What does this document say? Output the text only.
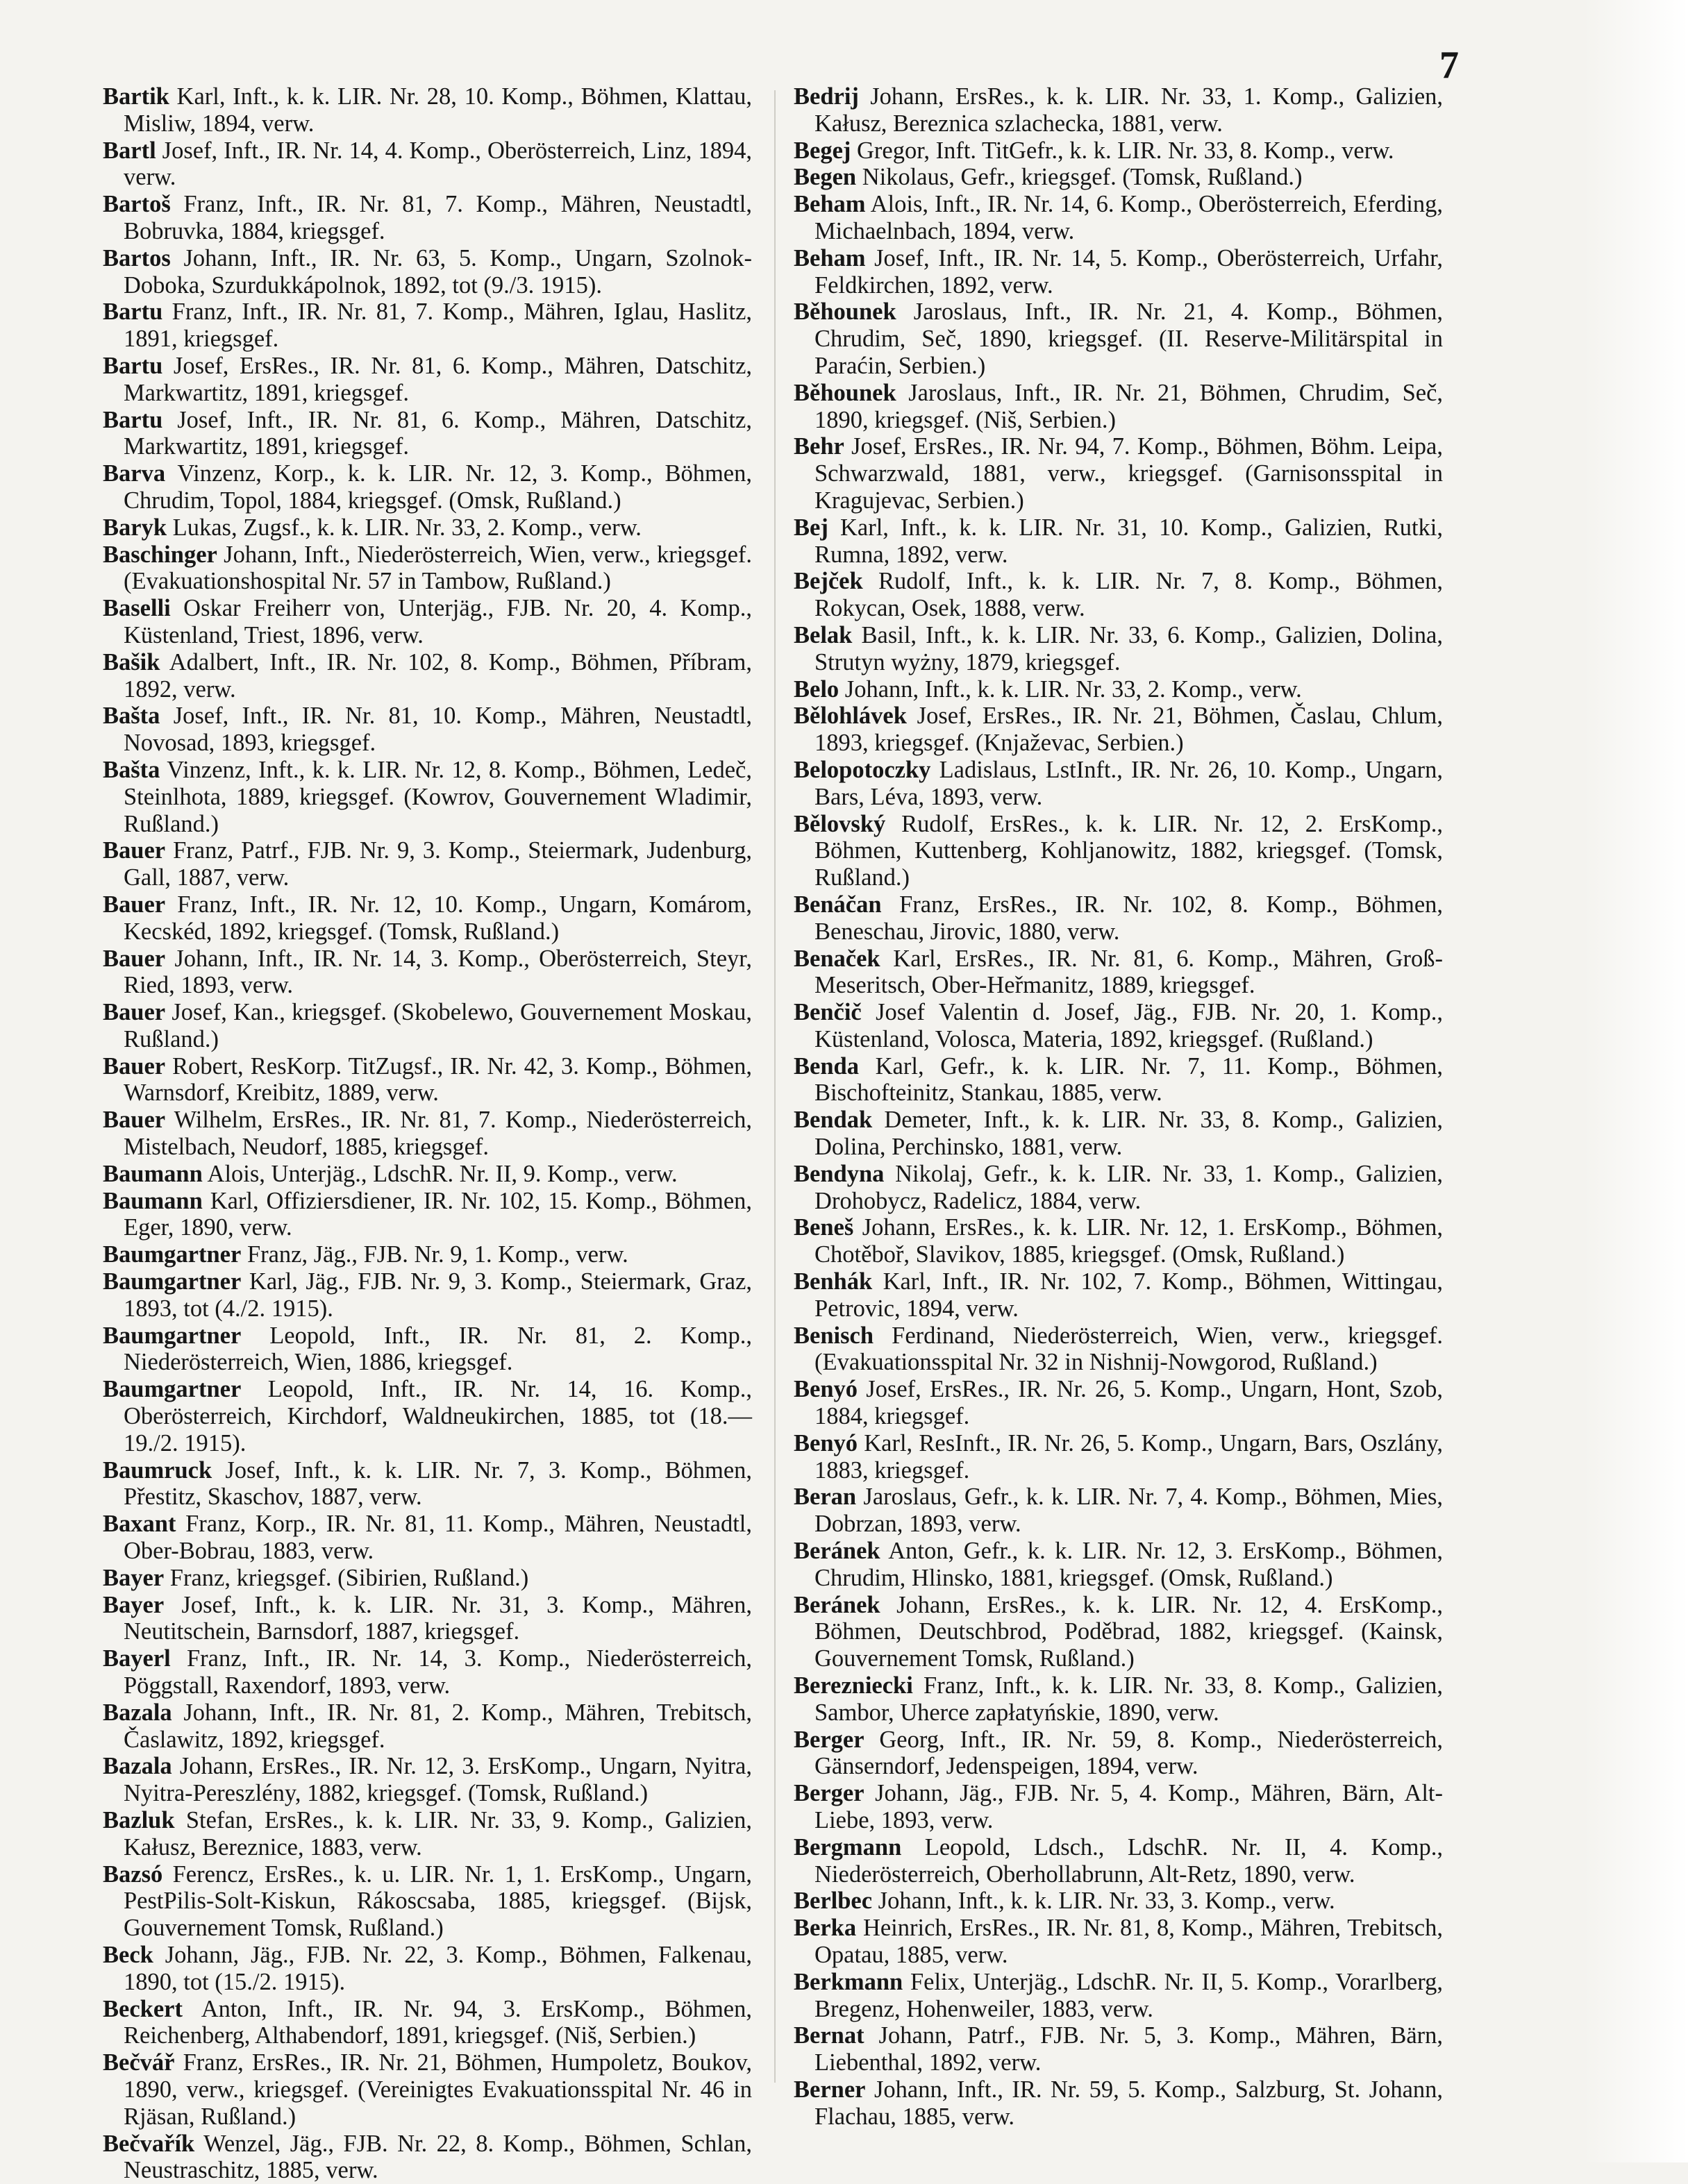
7

Bartik Karl, Inft., k. k. LIR. Nr. 28, 10. Komp., Böhmen, Klattau, Misliw, 1894, verw.

Bartl Josef, Inft., IR. Nr. 14, 4. Komp., Oberösterreich, Linz, 1894, verw.

Bartoš Franz, Inft., IR. Nr. 81, 7. Komp., Mähren, Neustadtl, Bobruvka, 1884, kriegsgef.

Bartos Johann, Inft., IR. Nr. 63, 5. Komp., Ungarn, Szolnok-Doboka, Szurdukkápolnok, 1892, tot (9./3. 1915).

Bartu Franz, Inft., IR. Nr. 81, 7. Komp., Mähren, Iglau, Haslitz, 1891, kriegsgef.

Bartu Josef, ErsRes., IR. Nr. 81, 6. Komp., Mähren, Datschitz, Markwartitz, 1891, kriegsgef.

Bartu Josef, Inft., IR. Nr. 81, 6. Komp., Mähren, Datschitz, Markwartitz, 1891, kriegsgef.

Barva Vinzenz, Korp., k. k. LIR. Nr. 12, 3. Komp., Böhmen, Chrudim, Topol, 1884, kriegsgef. (Omsk, Rußland.)

Baryk Lukas, Zugsf., k. k. LIR. Nr. 33, 2. Komp., verw.

Baschinger Johann, Inft., Niederösterreich, Wien, verw., kriegsgef. (Evakuationshospital Nr. 57 in Tambow, Rußland.)

Baselli Oskar Freiherr von, Unterjäg., FJB. Nr. 20, 4. Komp., Küstenland, Triest, 1896, verw.

Bašik Adalbert, Inft., IR. Nr. 102, 8. Komp., Böhmen, Příbram, 1892, verw.

Bašta Josef, Inft., IR. Nr. 81, 10. Komp., Mähren, Neustadtl, Novosad, 1893, kriegsgef.

Bašta Vinzenz, Inft., k. k. LIR. Nr. 12, 8. Komp., Böhmen, Ledeč, Steinlhota, 1889, kriegsgef. (Kowrov, Gouvernement Wladimir, Rußland.)

Bauer Franz, Patrf., FJB. Nr. 9, 3. Komp., Steiermark, Judenburg, Gall, 1887, verw.

Bauer Franz, Inft., IR. Nr. 12, 10. Komp., Ungarn, Komárom, Kecskéd, 1892, kriegsgef. (Tomsk, Rußland.)

Bauer Johann, Inft., IR. Nr. 14, 3. Komp., Oberösterreich, Steyr, Ried, 1893, verw.

Bauer Josef, Kan., kriegsgef. (Skobelewo, Gouvernement Moskau, Rußland.)

Bauer Robert, ResKorp. TitZugsf., IR. Nr. 42, 3. Komp., Böhmen, Warnsdorf, Kreibitz, 1889, verw.

Bauer Wilhelm, ErsRes., IR. Nr. 81, 7. Komp., Niederösterreich, Mistelbach, Neudorf, 1885, kriegsgef.

Baumann Alois, Unterjäg., LdschR. Nr. II, 9. Komp., verw.

Baumann Karl, Offiziersdiener, IR. Nr. 102, 15. Komp., Böhmen, Eger, 1890, verw.

Baumgartner Franz, Jäg., FJB. Nr. 9, 1. Komp., verw.

Baumgartner Karl, Jäg., FJB. Nr. 9, 3. Komp., Steiermark, Graz, 1893, tot (4./2. 1915).

Baumgartner Leopold, Inft., IR. Nr. 81, 2. Komp., Niederösterreich, Wien, 1886, kriegsgef.

Baumgartner Leopold, Inft., IR. Nr. 14, 16. Komp., Oberösterreich, Kirchdorf, Waldneukirchen, 1885, tot (18.—19./2. 1915).

Baumruck Josef, Inft., k. k. LIR. Nr. 7, 3. Komp., Böhmen, Přestitz, Skaschov, 1887, verw.

Baxant Franz, Korp., IR. Nr. 81, 11. Komp., Mähren, Neustadtl, Ober-Bobrau, 1883, verw.

Bayer Franz, kriegsgef. (Sibirien, Rußland.)

Bayer Josef, Inft., k. k. LIR. Nr. 31, 3. Komp., Mähren, Neutitschein, Barnsdorf, 1887, kriegsgef.

Bayerl Franz, Inft., IR. Nr. 14, 3. Komp., Niederösterreich, Pöggstall, Raxendorf, 1893, verw.

Bazala Johann, Inft., IR. Nr. 81, 2. Komp., Mähren, Trebitsch, Časlawitz, 1892, kriegsgef.

Bazala Johann, ErsRes., IR. Nr. 12, 3. ErsKomp., Ungarn, Nyitra, Nyitra-Pereszlény, 1882, kriegsgef. (Tomsk, Rußland.)

Bazluk Stefan, ErsRes., k. k. LIR. Nr. 33, 9. Komp., Galizien, Kałusz, Bereznice, 1883, verw.

Bazsó Ferencz, ErsRes., k. u. LIR. Nr. 1, 1. ErsKomp., Ungarn, PestPilis-Solt-Kiskun, Rákoscsaba, 1885, kriegsgef. (Bijsk, Gouvernement Tomsk, Rußland.)

Beck Johann, Jäg., FJB. Nr. 22, 3. Komp., Böhmen, Falkenau, 1890, tot (15./2. 1915).

Beckert Anton, Inft., IR. Nr. 94, 3. ErsKomp., Böhmen, Reichenberg, Althabendorf, 1891, kriegsgef. (Niš, Serbien.)

Bečvář Franz, ErsRes., IR. Nr. 21, Böhmen, Humpoletz, Boukov, 1890, verw., kriegsgef. (Vereinigtes Evakuationsspital Nr. 46 in Rjäsan, Rußland.)

Bečvařík Wenzel, Jäg., FJB. Nr. 22, 8. Komp., Böhmen, Schlan, Neustraschitz, 1885, verw.

Bedrij Johann, ErsRes., k. k. LIR. Nr. 33, 1. Komp., Galizien, Kałusz, Bereznica szlachecka, 1881, verw.

Begej Gregor, Inft. TitGefr., k. k. LIR. Nr. 33, 8. Komp., verw.

Begen Nikolaus, Gefr., kriegsgef. (Tomsk, Rußland.)

Beham Alois, Inft., IR. Nr. 14, 6. Komp., Oberösterreich, Eferding, Michaelnbach, 1894, verw.

Beham Josef, Inft., IR. Nr. 14, 5. Komp., Oberösterreich, Urfahr, Feldkirchen, 1892, verw.

Běhounek Jaroslaus, Inft., IR. Nr. 21, 4. Komp., Böhmen, Chrudim, Seč, 1890, kriegsgef. (II. Reserve-Militärspital in Paraćin, Serbien.)

Běhounek Jaroslaus, Inft., IR. Nr. 21, Böhmen, Chrudim, Seč, 1890, kriegsgef. (Niš, Serbien.)

Behr Josef, ErsRes., IR. Nr. 94, 7. Komp., Böhmen, Böhm. Leipa, Schwarzwald, 1881, verw., kriegsgef. (Garnisonsspital in Kragujevac, Serbien.)

Bej Karl, Inft., k. k. LIR. Nr. 31, 10. Komp., Galizien, Rutki, Rumna, 1892, verw.

Bejček Rudolf, Inft., k. k. LIR. Nr. 7, 8. Komp., Böhmen, Rokycan, Osek, 1888, verw.

Belak Basil, Inft., k. k. LIR. Nr. 33, 6. Komp., Galizien, Dolina, Strutyn wyżny, 1879, kriegsgef.

Belo Johann, Inft., k. k. LIR. Nr. 33, 2. Komp., verw.

Bělohlávek Josef, ErsRes., IR. Nr. 21, Böhmen, Časlau, Chlum, 1893, kriegsgef. (Knjaževac, Serbien.)

Belopotoczky Ladislaus, LstInft., IR. Nr. 26, 10. Komp., Ungarn, Bars, Léva, 1893, verw.

Bělovský Rudolf, ErsRes., k. k. LIR. Nr. 12, 2. ErsKomp., Böhmen, Kuttenberg, Kohljanowitz, 1882, kriegsgef. (Tomsk, Rußland.)

Benáčan Franz, ErsRes., IR. Nr. 102, 8. Komp., Böhmen, Beneschau, Jirovic, 1880, verw.

Benaček Karl, ErsRes., IR. Nr. 81, 6. Komp., Mähren, Groß-Meseritsch, Ober-Heřmanitz, 1889, kriegsgef.

Benčič Josef Valentin d. Josef, Jäg., FJB. Nr. 20, 1. Komp., Küstenland, Volosca, Materia, 1892, kriegsgef. (Rußland.)

Benda Karl, Gefr., k. k. LIR. Nr. 7, 11. Komp., Böhmen, Bischofteinitz, Stankau, 1885, verw.

Bendak Demeter, Inft., k. k. LIR. Nr. 33, 8. Komp., Galizien, Dolina, Perchinsko, 1881, verw.

Bendyna Nikolaj, Gefr., k. k. LIR. Nr. 33, 1. Komp., Galizien, Drohobycz, Radelicz, 1884, verw.

Beneš Johann, ErsRes., k. k. LIR. Nr. 12, 1. ErsKomp., Böhmen, Chotěboř, Slavikov, 1885, kriegsgef. (Omsk, Rußland.)

Benhák Karl, Inft., IR. Nr. 102, 7. Komp., Böhmen, Wittingau, Petrovic, 1894, verw.

Benisch Ferdinand, Niederösterreich, Wien, verw., kriegsgef. (Evakuationsspital Nr. 32 in Nishnij-Nowgorod, Rußland.)

Benyó Josef, ErsRes., IR. Nr. 26, 5. Komp., Ungarn, Hont, Szob, 1884, kriegsgef.

Benyó Karl, ResInft., IR. Nr. 26, 5. Komp., Ungarn, Bars, Oszlány, 1883, kriegsgef.

Beran Jaroslaus, Gefr., k. k. LIR. Nr. 7, 4. Komp., Böhmen, Mies, Dobrzan, 1893, verw.

Beránek Anton, Gefr., k. k. LIR. Nr. 12, 3. ErsKomp., Böhmen, Chrudim, Hlinsko, 1881, kriegsgef. (Omsk, Rußland.)

Beránek Johann, ErsRes., k. k. LIR. Nr. 12, 4. ErsKomp., Böhmen, Deutschbrod, Poděbrad, 1882, kriegsgef. (Kainsk, Gouvernement Tomsk, Rußland.)

Berezniecki Franz, Inft., k. k. LIR. Nr. 33, 8. Komp., Galizien, Sambor, Uherce zapłatyńskie, 1890, verw.

Berger Georg, Inft., IR. Nr. 59, 8. Komp., Niederösterreich, Gänserndorf, Jedenspeigen, 1894, verw.

Berger Johann, Jäg., FJB. Nr. 5, 4. Komp., Mähren, Bärn, Alt-Liebe, 1893, verw.

Bergmann Leopold, Ldsch., LdschR. Nr. II, 4. Komp., Niederösterreich, Oberhollabrunn, Alt-Retz, 1890, verw.

Berlbec Johann, Inft., k. k. LIR. Nr. 33, 3. Komp., verw.

Berka Heinrich, ErsRes., IR. Nr. 81, 8, Komp., Mähren, Trebitsch, Opatau, 1885, verw.

Berkmann Felix, Unterjäg., LdschR. Nr. II, 5. Komp., Vorarlberg, Bregenz, Hohenweiler, 1883, verw.

Bernat Johann, Patrf., FJB. Nr. 5, 3. Komp., Mähren, Bärn, Liebenthal, 1892, verw.

Berner Johann, Inft., IR. Nr. 59, 5. Komp., Salzburg, St. Johann, Flachau, 1885, verw.
